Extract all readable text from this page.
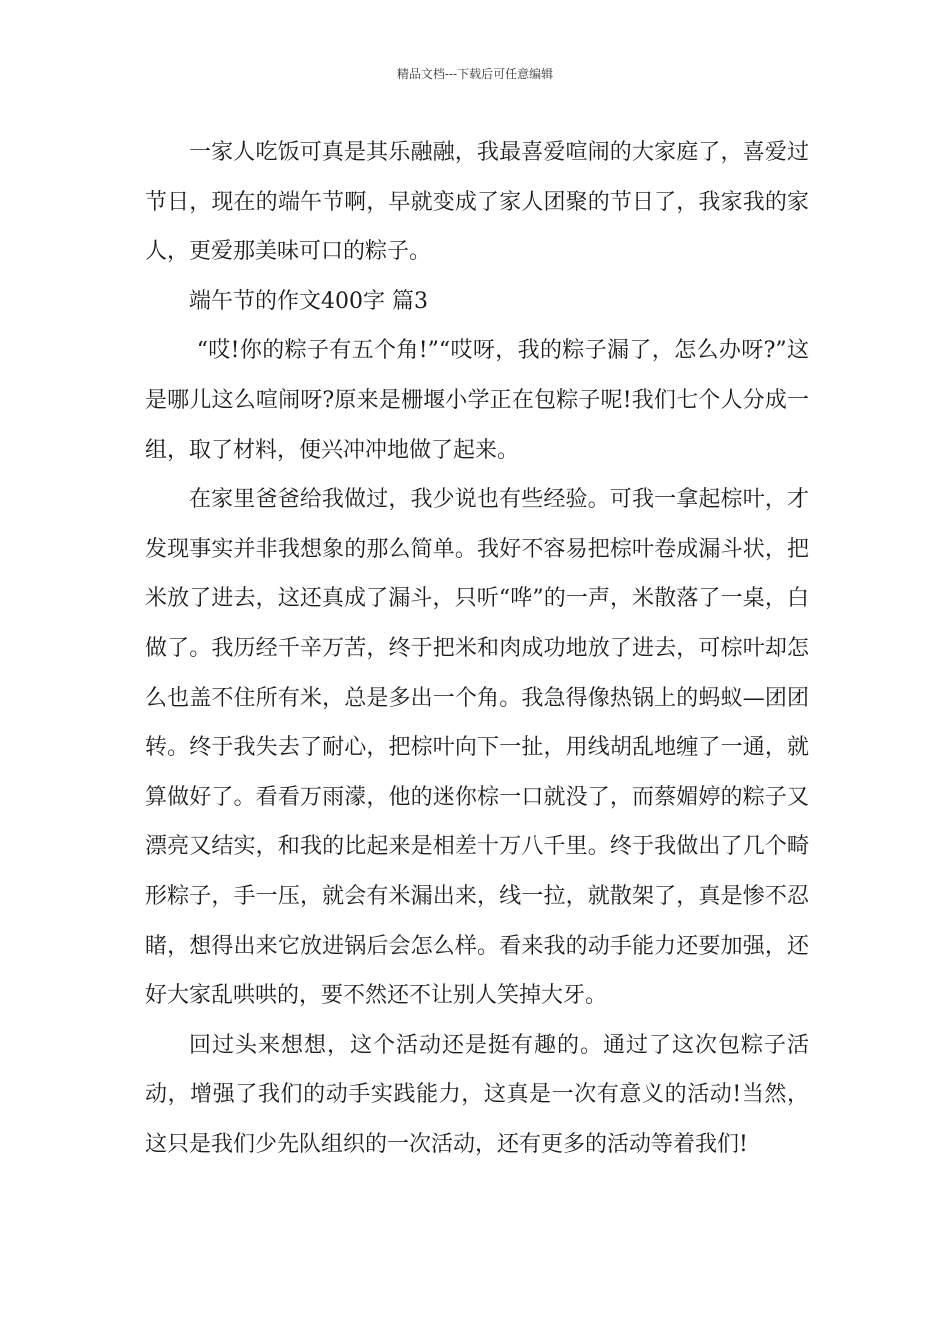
精品文档---下载后可任意编辑

一家人吃饭可真是其乐融融，我最喜爱喧闹的大家庭了，喜爱过节日，现在的端午节啊，早就变成了家人团聚的节日了，我家我的家人，更爱那美味可口的粽子。

端午节的作文400字 篇3

“哎!你的粽子有五个角!”“哎呀，我的粽子漏了，怎么办呀?”这是哪儿这么喧闹呀?原来是栅堰小学正在包粽子呢!我们七个人分成一组，取了材料，便兴冲冲地做了起来。

在家里爸爸给我做过，我少说也有些经验。可我一拿起棕叶，才发现事实并非我想象的那么简单。我好不容易把棕叶卷成漏斗状，把米放了进去，这还真成了漏斗，只听“哗”的一声，米散落了一桌，白做了。我历经千辛万苦，终于把米和肉成功地放了进去，可棕叶却怎么也盖不住所有米，总是多出一个角。我急得像热锅上的蚂蚁—团团转。终于我失去了耐心，把棕叶向下一扯，用线胡乱地缠了一通，就算做好了。看看万雨濛，他的迷你棕一口就没了，而蔡媚婷的粽子又漂亮又结实，和我的比起来是相差十万八千里。终于我做出了几个畸形粽子，手一压，就会有米漏出来，线一拉，就散架了，真是惨不忍睹，想得出来它放进锅后会怎么样。看来我的动手能力还要加强，还好大家乱哄哄的，要不然还不让别人笑掉大牙。

回过头来想想，这个活动还是挺有趣的。通过了这次包粽子活动，增强了我们的动手实践能力，这真是一次有意义的活动!当然，这只是我们少先队组织的一次活动，还有更多的活动等着我们!
